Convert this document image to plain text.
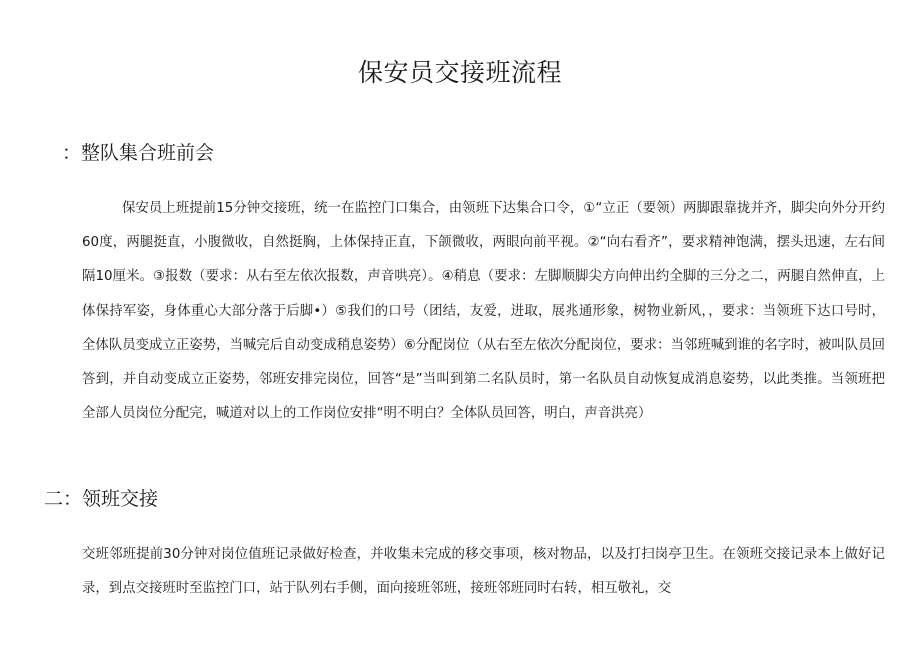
保安员交接班流程
：整队集合班前会

保安员上班提前15分钟交接班，统一在监控门口集合，由领班下达集合口令，①“立正（要领）两脚跟靠拢并齐，脚尖向外分开约60度，两腿挺直，小腹微收，自然挺胸，上体保持正直，下颌微收，两眼向前平视。②“向右看齐”，要求精神饱满，摆头迅速，左右间隔10厘米。③报数（要求：从右至左依次报数，声音哄亮）。④稍息（要求：左脚顺脚尖方向伸出约全脚的三分之二，两腿自然伸直，上体保持军姿，身体重心大部分落于后脚•）⑤我们的口号（团结，友爱，进取，展兆通形象，树物业新风，，要求：当领班下达口号时，全体队员变成立正姿势，当喊完后自动变成稍息姿势）⑥分配岗位（从右至左依次分配岗位，要求：当邻班喊到谁的名字时，被叫队员回答到，并自动变成立正姿势，邻班安排完岗位，回答“是”当叫到第二名队员时，第一名队员自动恢复成消息姿势，以此类推。当领班把全部人员岗位分配完，喊道对以上的工作岗位安排“明不明白？全体队员回答，明白，声音洪亮）

二：领班交接

交班邻班提前30分钟对岗位值班记录做好检查，并收集未完成的移交事项，核对物品，以及打扫岗亭卫生。在领班交接记录本上做好记录，到点交接班时至监控门口，站于队列右手侧，面向接班邻班，接班邻班同时右转，相互敬礼，交
